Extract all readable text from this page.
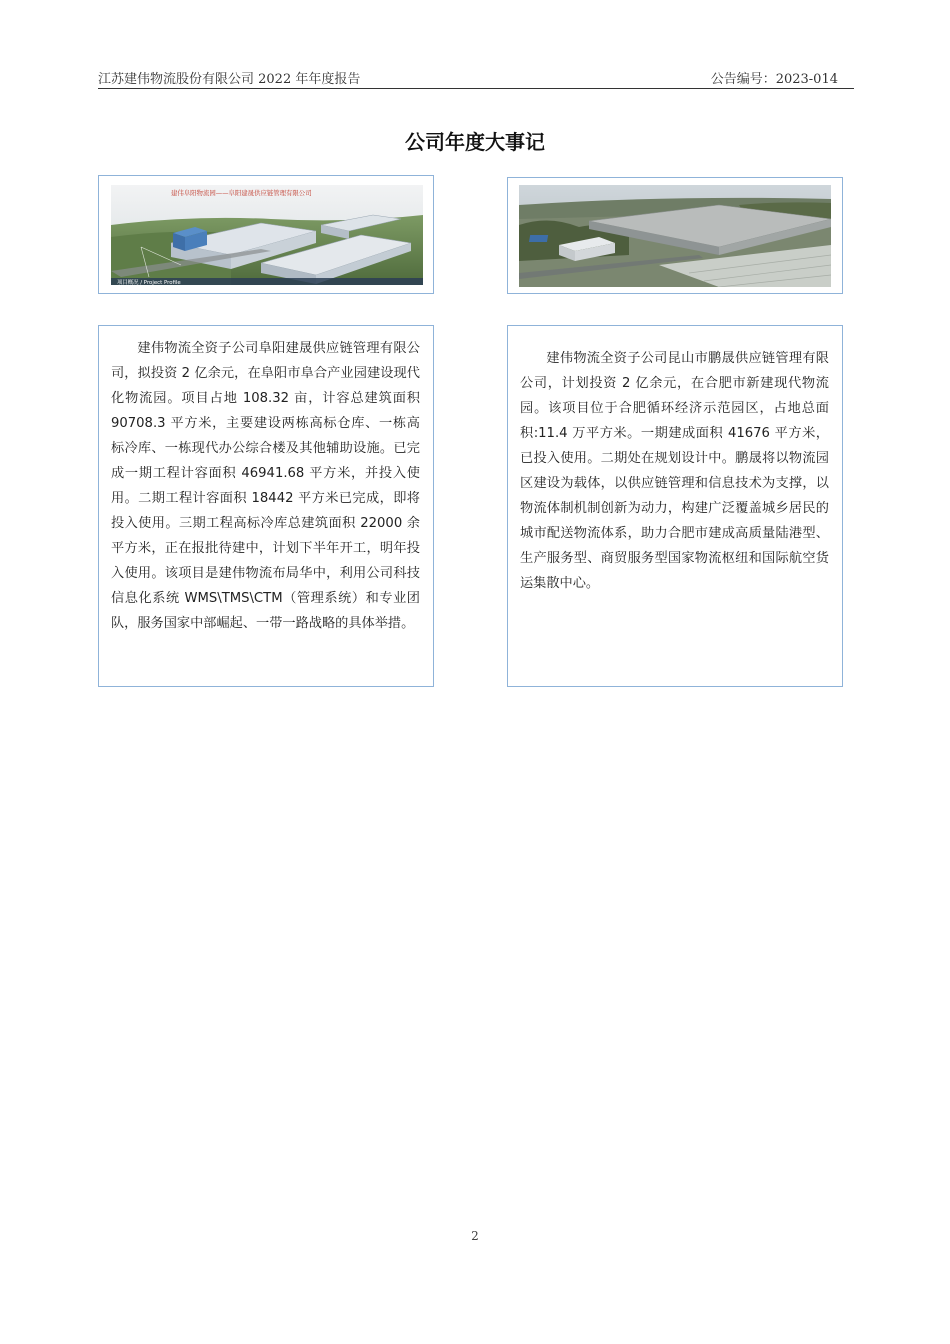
江苏建伟物流股份有限公司 2022 年年度报告	公告编号：2023-014
公司年度大事记
建伟阜阳物流园——阜阳建晟供应链管理有限公司
项目概况 / Project Profile

建伟物流全资子公司阜阳建晟供应链管理有限公司，拟投资 2 亿余元，在阜阳市阜合产业园建设现代化物流园。项目占地 108.32 亩，计容总建筑面积 90708.3 平方米，主要建设两栋高标仓库、一栋高标冷库、一栋现代办公综合楼及其他辅助设施。已完成一期工程计容面积 46941.68 平方米，并投入使用。二期工程计容面积 18442 平方米已完成，即将投入使用。三期工程高标冷库总建筑面积 22000 余平方米，正在报批待建中，计划下半年开工，明年投入使用。该项目是建伟物流布局华中，利用公司科技信息化系统 WMS\TMS\CTM（管理系统）和专业团队，服务国家中部崛起、一带一路战略的具体举措。

建伟物流全资子公司昆山市鹏晟供应链管理有限公司，计划投资 2 亿余元，在合肥市新建现代物流园。该项目位于合肥循环经济示范园区，占地总面积:11.4 万平方米。一期建成面积 41676 平方米，已投入使用。二期处在规划设计中。鹏晟将以物流园区建设为载体，以供应链管理和信息技术为支撑，以物流体制机制创新为动力，构建广泛覆盖城乡居民的城市配送物流体系，助力合肥市建成高质量陆港型、生产服务型、商贸服务型国家物流枢纽和国际航空货运集散中心。

2
